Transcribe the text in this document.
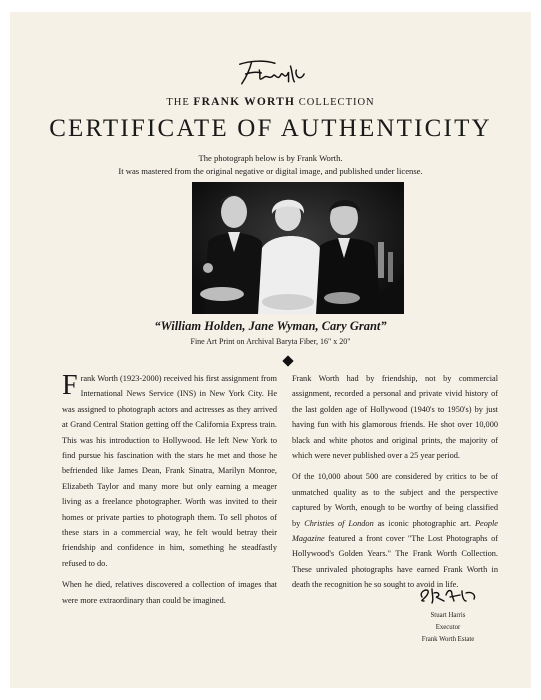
THE FRANK WORTH COLLECTION
CERTIFICATE OF AUTHENTICITY
The photograph below is by Frank Worth.
It was mastered from the original negative or digital image, and published under license.
“William Holden, Jane Wyman, Cary Grant”
Fine Art Print on Archival Baryta Fiber, 16" x 20"

Frank Worth (1923-2000) received his first assignment from International News Service (INS) in New York City. He was assigned to photograph actors and actresses as they arrived at Grand Central Station getting off the California Express train. This was his introduction to Hollywood. He left New York to find pursue his fascination with the stars he met and those he befriended like James Dean, Frank Sinatra, Marilyn Monroe, Elizabeth Taylor and many more but only earning a meager living as a freelance photographer. Worth was invited to their homes or private parties to photograph them. To sell photos of these stars in a commercial way, he felt would betray their friendship and confidence in him, something he steadfastly refused to do.

When he died, relatives discovered a collection of images that were more extraordinary than could be imagined.

Frank Worth had by friendship, not by commercial assignment, recorded a personal and private vivid history of the last golden age of Hollywood (1940's to 1950's) by just having fun with his glamorous friends. He shot over 10,000 black and white photos and original prints, the majority of which were never published over a 25 year period.

Of the 10,000 about 500 are considered by critics to be of unmatched quality as to the subject and the perspective captured by Worth, enough to be worthy of being classified by Christies of London as iconic photographic art. People Magazine featured a front cover "The Lost Photographs of Hollywood's Golden Years." The Frank Worth Collection. These unrivaled photographs have earned Frank Worth in death the recognition he so sought to avoid in life.

Stuart Harris
Executor
Frank Worth Estate
